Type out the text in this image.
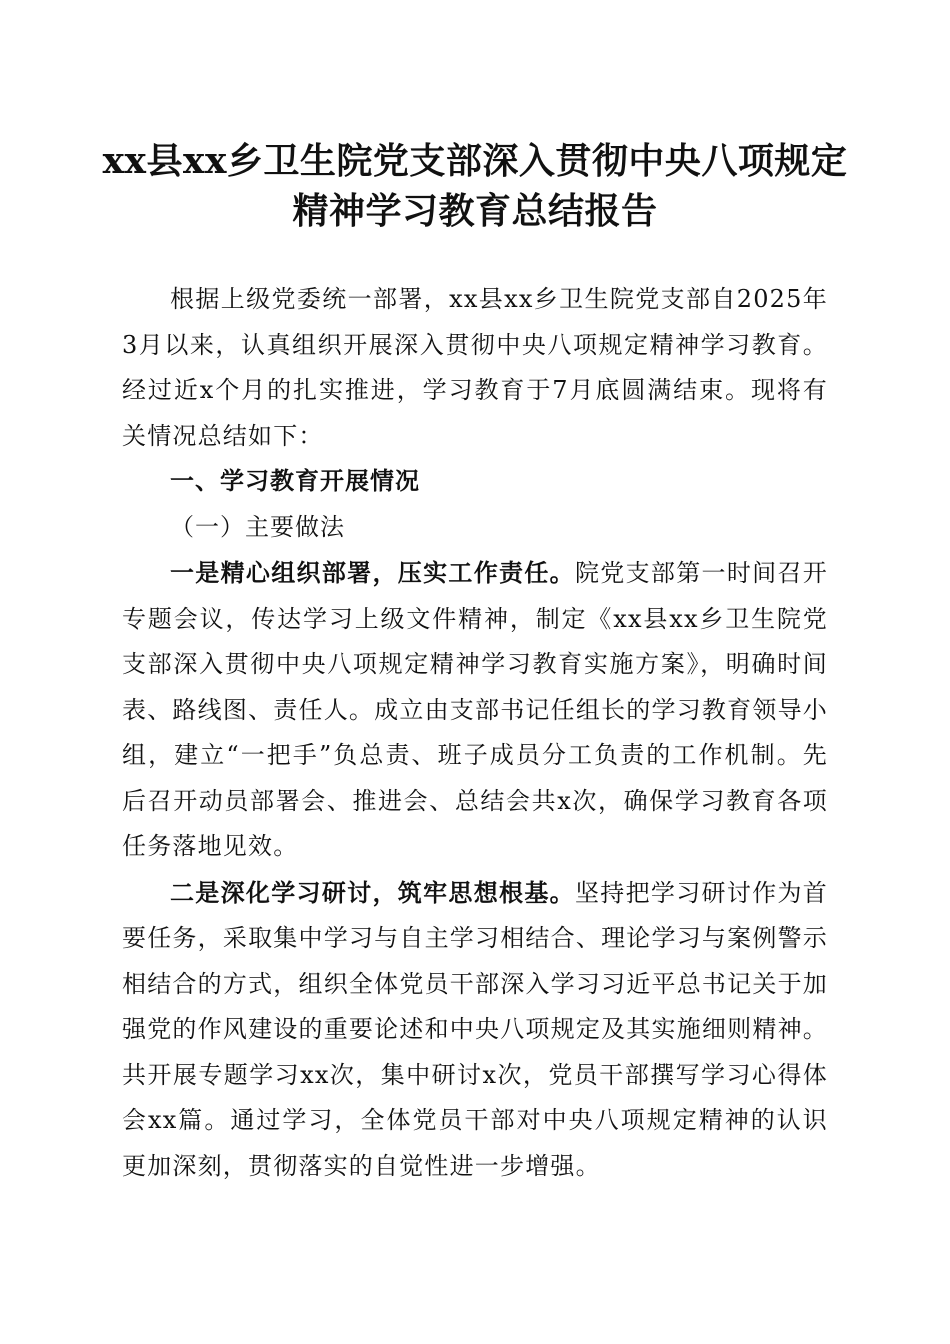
xx县xx乡卫生院党支部深入贯彻中央八项规定精神学习教育总结报告

根据上级党委统一部署，xx县xx乡卫生院党支部自2025年3月以来，认真组织开展深入贯彻中央八项规定精神学习教育。经过近x个月的扎实推进，学习教育于7月底圆满结束。现将有关情况总结如下：

一、学习教育开展情况

（一）主要做法

一是精心组织部署，压实工作责任。院党支部第一时间召开专题会议，传达学习上级文件精神，制定《xx县xx乡卫生院党支部深入贯彻中央八项规定精神学习教育实施方案》，明确时间表、路线图、责任人。成立由支部书记任组长的学习教育领导小组，建立“一把手”负总责、班子成员分工负责的工作机制。先后召开动员部署会、推进会、总结会共x次，确保学习教育各项任务落地见效。

二是深化学习研讨，筑牢思想根基。坚持把学习研讨作为首要任务，采取集中学习与自主学习相结合、理论学习与案例警示相结合的方式，组织全体党员干部深入学习习近平总书记关于加强党的作风建设的重要论述和中央八项规定及其实施细则精神。共开展专题学习xx次，集中研讨x次，党员干部撰写学习心得体会xx篇。通过学习，全体党员干部对中央八项规定精神的认识更加深刻，贯彻落实的自觉性进一步增强。
